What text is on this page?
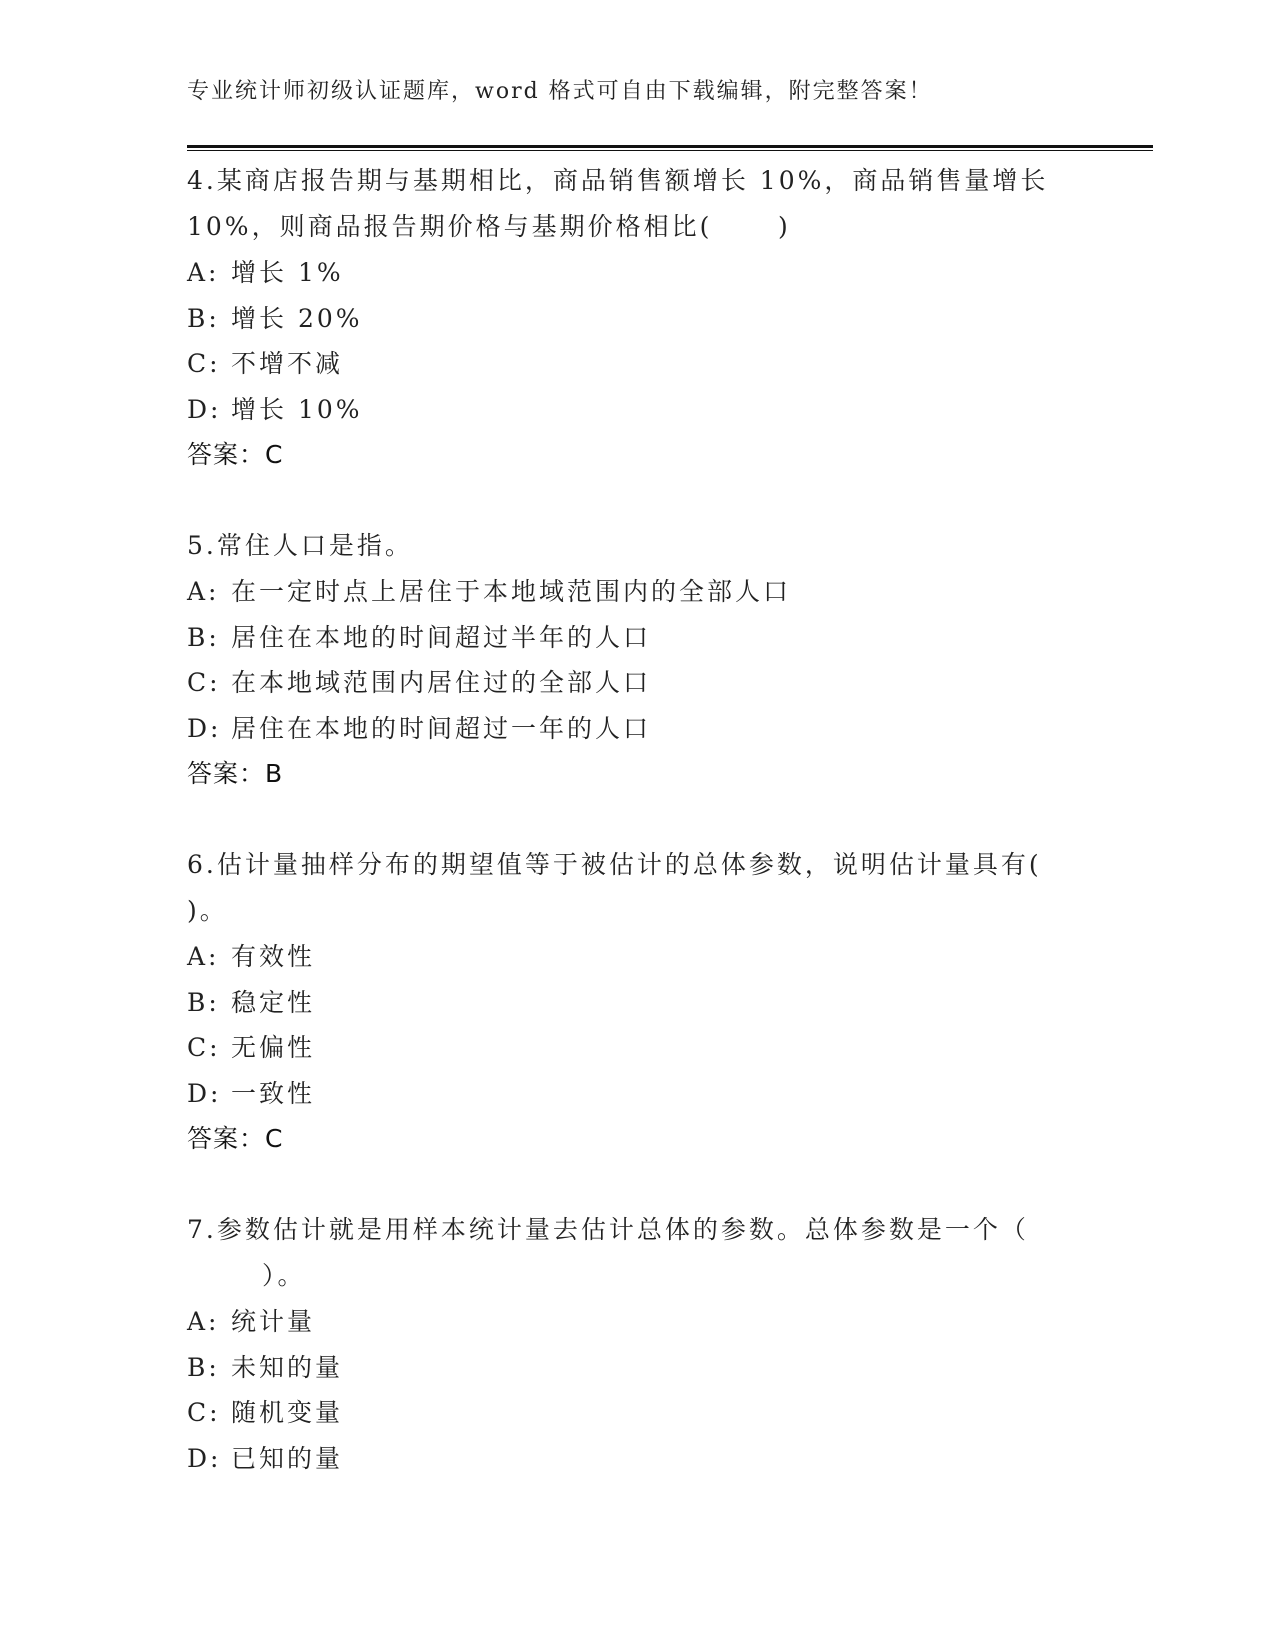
专业统计师初级认证题库，word 格式可自由下载编辑，附完整答案！

4.某商店报告期与基期相比，商品销售额增长 10%，商品销售量增长

10%，则商品报告期价格与基期价格相比(      )

A: 增长 1%

B: 增长 20%

C: 不增不减

D: 增长 10%

答案：C

5.常住人口是指。

A: 在一定时点上居住于本地域范围内的全部人口

B: 居住在本地的时间超过半年的人口

C: 在本地域范围内居住过的全部人口

D: 居住在本地的时间超过一年的人口

答案：B

6.估计量抽样分布的期望值等于被估计的总体参数，说明估计量具有(

)。

A: 有效性

B: 稳定性

C: 无偏性

D: 一致性

答案：C

7.参数估计就是用样本统计量去估计总体的参数。总体参数是一个（

）。

A: 统计量

B: 未知的量

C: 随机变量

D: 已知的量
